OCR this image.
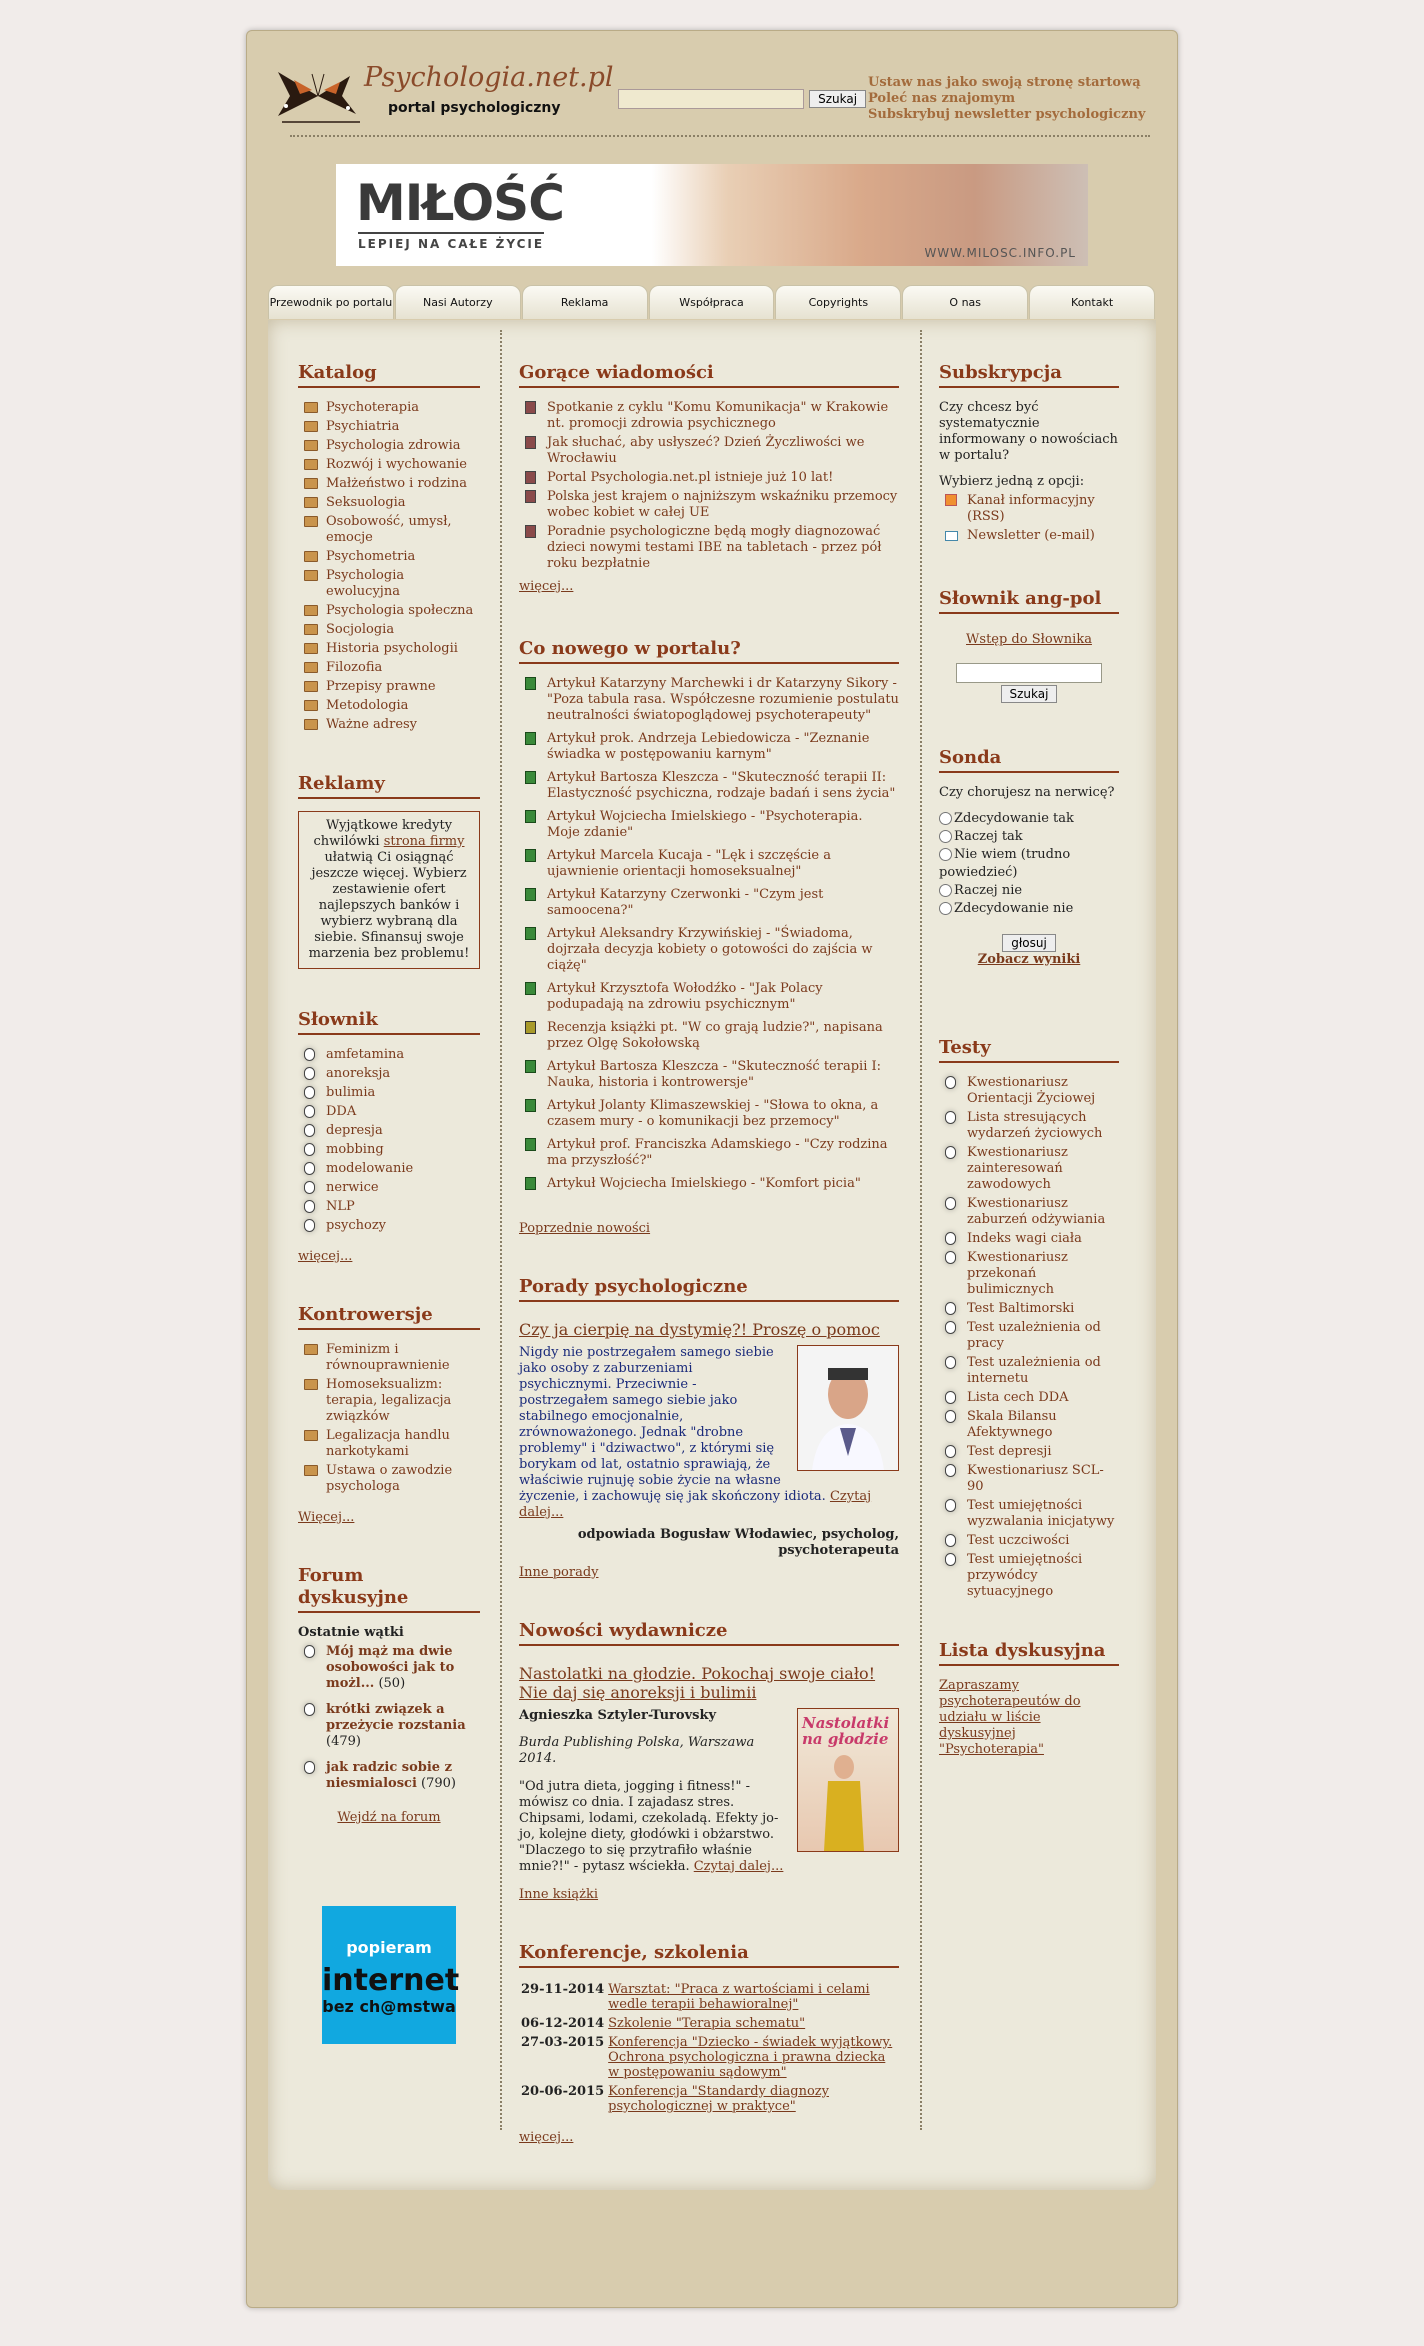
Psychologia.net.pl
portal psychologiczny
Szukaj
Ustaw nas jako swoją stronę startową
Poleć nas znajomym
Subskrybuj newsletter psychologiczny
MIŁOŚĆ
LEPIEJ NA CAŁE ŻYCIE
WWW.MILOSC.INFO.PL
Przewodnik po portalu	Nasi Autorzy	Reklama	Współpraca	Copyrights	O nas	Kontakt
Katalog
Psychoterapia
Psychiatria
Psychologia zdrowia
Rozwój i wychowanie
Małżeństwo i rodzina
Seksuologia
Osobowość, umysł, emocje
Psychometria
Psychologia ewolucyjna
Psychologia społeczna
Socjologia
Historia psychologii
Filozofia
Przepisy prawne
Metodologia
Ważne adresy
Reklamy
Wyjątkowe kredyty chwilówki strona firmy ułatwią Ci osiągnąć jeszcze więcej. Wybierz zestawienie ofert najlepszych banków i wybierz wybraną dla siebie. Sfinansuj swoje marzenia bez problemu!
Słownik
amfetamina
anoreksja
bulimia
DDA
depresja
mobbing
modelowanie
nerwice
NLP
psychozy
więcej...
Kontrowersje
Feminizm i równouprawnienie
Homoseksualizm: terapia, legalizacja związków
Legalizacja handlu narkotykami
Ustawa o zawodzie psychologa
Więcej...
Forum dyskusyjne
Ostatnie wątki
Mój mąż ma dwie osobowości jak to możl... (50)
krótki związek a przeżycie rozstania (479)
jak radzic sobie z niesmialosci (790)
Wejdź na forum
popieram
internet
bez ch@mstwa
Gorące wiadomości
Spotkanie z cyklu "Komu Komunikacja" w Krakowie nt. promocji zdrowia psychicznego
Jak słuchać, aby usłyszeć? Dzień Życzliwości we Wrocławiu
Portal Psychologia.net.pl istnieje już 10 lat!
Polska jest krajem o najniższym wskaźniku przemocy wobec kobiet w całej UE
Poradnie psychologiczne będą mogły diagnozować dzieci nowymi testami IBE na tabletach - przez pół roku bezpłatnie
więcej...
Co nowego w portalu?
Artykuł Katarzyny Marchewki i dr Katarzyny Sikory - "Poza tabula rasa. Współczesne rozumienie postulatu neutralności światopoglądowej psychoterapeuty"
Artykuł prok. Andrzeja Lebiedowicza - "Zeznanie świadka w postępowaniu karnym"
Artykuł Bartosza Kleszcza - "Skuteczność terapii II: Elastyczność psychiczna, rodzaje badań i sens życia"
Artykuł Wojciecha Imielskiego - "Psychoterapia. Moje zdanie"
Artykuł Marcela Kucaja - "Lęk i szczęście a ujawnienie orientacji homoseksualnej"
Artykuł Katarzyny Czerwonki - "Czym jest samoocena?"
Artykuł Aleksandry Krzywińskiej - "Świadoma, dojrzała decyzja kobiety o gotowości do zajścia w ciążę"
Artykuł Krzysztofa Wołodźko - "Jak Polacy podupadają na zdrowiu psychicznym"
Recenzja książki pt. "W co grają ludzie?", napisana przez Olgę Sokołowską
Artykuł Bartosza Kleszcza - "Skuteczność terapii I: Nauka, historia i kontrowersje"
Artykuł Jolanty Klimaszewskiej - "Słowa to okna, a czasem mury - o komunikacji bez przemocy"
Artykuł prof. Franciszka Adamskiego - "Czy rodzina ma przyszłość?"
Artykuł Wojciecha Imielskiego - "Komfort picia"
Poprzednie nowości
Porady psychologiczne
Czy ja cierpię na dystymię?! Proszę o pomoc
Nigdy nie postrzegałem samego siebie jako osoby z zaburzeniami psychicznymi. Przeciwnie - postrzegałem samego siebie jako stabilnego emocjonalnie, zrównoważonego. Jednak "drobne problemy" i "dziwactwo", z którymi się borykam od lat, ostatnio sprawiają, że właściwie rujnuję sobie życie na własne życzenie, i zachowuję się jak skończony idiota. Czytaj dalej...
odpowiada Bogusław Włodawiec, psycholog, psychoterapeuta
Inne porady
Nowości wydawnicze
Nastolatki na głodzie. Pokochaj swoje ciało! Nie daj się anoreksji i bulimii
Nastolatki na głodzie
Agnieszka Sztyler-Turovsky
Burda Publishing Polska, Warszawa 2014.
"Od jutra dieta, jogging i fitness!" - mówisz co dnia. I zajadasz stres. Chipsami, lodami, czekoladą. Efekty jo-jo, kolejne diety, głodówki i obżarstwo. "Dlaczego to się przytrafiło właśnie mnie?!" - pytasz wściekła. Czytaj dalej...
Inne książki
Konferencje, szkolenia
29-11-2014	Warsztat: "Praca z wartościami i celami wedle terapii behawioralnej"
06-12-2014	Szkolenie "Terapia schematu"
27-03-2015	Konferencja "Dziecko - świadek wyjątkowy. Ochrona psychologiczna i prawna dziecka w postępowaniu sądowym"
20-06-2015	Konferencja "Standardy diagnozy psychologicznej w praktyce"
więcej...
Subskrypcja
Czy chcesz być systematycznie informowany o nowościach w portalu?
Wybierz jedną z opcji:
Kanał informacyjny (RSS)
Newsletter (e-mail)
Słownik ang-pol
Wstęp do Słownika
Szukaj
Sonda
Czy chorujesz na nerwicę?
Zdecydowanie tak
Raczej tak
Nie wiem (trudno powiedzieć)
Raczej nie
Zdecydowanie nie
głosuj
Zobacz wyniki
Testy
Kwestionariusz Orientacji Życiowej
Lista stresujących wydarzeń życiowych
Kwestionariusz zainteresowań zawodowych
Kwestionariusz zaburzeń odżywiania
Indeks wagi ciała
Kwestionariusz przekonań bulimicznych
Test Baltimorski
Test uzależnienia od pracy
Test uzależnienia od internetu
Lista cech DDA
Skala Bilansu Afektywnego
Test depresji
Kwestionariusz SCL-90
Test umiejętności wyzwalania inicjatywy
Test uczciwości
Test umiejętności przywódcy sytuacyjnego
Lista dyskusyjna
Zapraszamy psychoterapeutów do udziału w liście dyskusyjnej "Psychoterapia"
